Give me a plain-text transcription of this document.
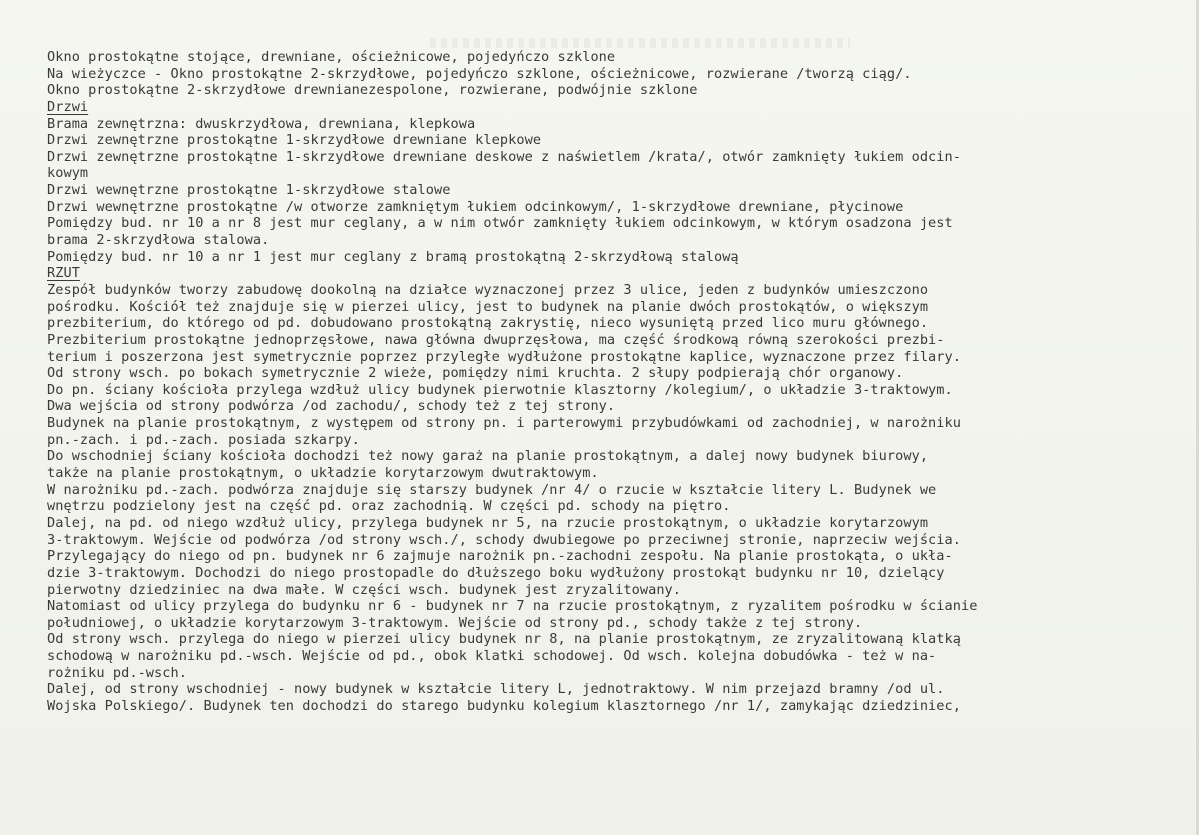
Okno prostokątne stojące, drewniane, ościeżnicowe, pojedyńczo szklone
Na wieżyczce - Okno prostokątne 2-skrzydłowe, pojedyńczo szklone, ościeżnicowe, rozwierane /tworzą ciąg/.
Okno prostokątne 2-skrzydłowe drewnianezespolone, rozwierane, podwójnie szklone
Drzwi
Brama zewnętrzna: dwuskrzydłowa, drewniana, klepkowa
Drzwi zewnętrzne prostokątne 1-skrzydłowe drewniane klepkowe
Drzwi zewnętrzne prostokątne 1-skrzydłowe drewniane deskowe z naświetlem /krata/, otwór zamknięty łukiem odcin-
kowym
Drzwi wewnętrzne prostokątne 1-skrzydłowe stalowe
Drzwi wewnętrzne prostokątne /w otworze zamkniętym łukiem odcinkowym/, 1-skrzydłowe drewniane, płycinowe
Pomiędzy bud. nr 10 a nr 8 jest mur ceglany, a w nim otwór zamknięty łukiem odcinkowym, w którym osadzona jest
brama 2-skrzydłowa stalowa.
Pomiędzy bud. nr 10 a nr 1 jest mur ceglany z bramą prostokątną 2-skrzydłową stalową
RZUT
Zespół budynków tworzy zabudowę dookolną na działce wyznaczonej przez 3 ulice, jeden z budynków umieszczono
pośrodku. Kościół też znajduje się w pierzei ulicy, jest to budynek na planie dwóch prostokątów, o większym
prezbiterium, do którego od pd. dobudowano prostokątną zakrystię, nieco wysuniętą przed lico muru głównego.
Prezbiterium prostokątne jednoprzęsłowe, nawa główna dwuprzęsłowa, ma część środkową równą szerokości prezbi-
terium i poszerzona jest symetrycznie poprzez przyległe wydłużone prostokątne kaplice, wyznaczone przez filary.
Od strony wsch. po bokach symetrycznie 2 wieże, pomiędzy nimi kruchta. 2 słupy podpierają chór organowy.
Do pn. ściany kościoła przylega wzdłuż ulicy budynek pierwotnie klasztorny /kolegium/, o układzie 3-traktowym.
Dwa wejścia od strony podwórza /od zachodu/, schody też z tej strony.
Budynek na planie prostokątnym, z występem od strony pn. i parterowymi przybudówkami od zachodniej, w narożniku
pn.-zach. i pd.-zach. posiada szkarpy.
Do wschodniej ściany kościoła dochodzi też nowy garaż na planie prostokątnym, a dalej nowy budynek biurowy,
także na planie prostokątnym, o układzie korytarzowym dwutraktowym.
W narożniku pd.-zach. podwórza znajduje się starszy budynek /nr 4/ o rzucie w kształcie litery L. Budynek we
wnętrzu podzielony jest na część pd. oraz zachodnią. W części pd. schody na piętro.
Dalej, na pd. od niego wzdłuż ulicy, przylega budynek nr 5, na rzucie prostokątnym, o układzie korytarzowym
3-traktowym. Wejście od podwórza /od strony wsch./, schody dwubiegowe po przeciwnej stronie, naprzeciw wejścia.
Przylegający do niego od pn. budynek nr 6 zajmuje narożnik pn.-zachodni zespołu. Na planie prostokąta, o ukła-
dzie 3-traktowym. Dochodzi do niego prostopadle do dłuższego boku wydłużony prostokąt budynku nr 10, dzielący
pierwotny dziedziniec na dwa małe. W części wsch. budynek jest zryzalitowany.
Natomiast od ulicy przylega do budynku nr 6 - budynek nr 7 na rzucie prostokątnym, z ryzalitem pośrodku w ścianie
południowej, o układzie korytarzowym 3-traktowym. Wejście od strony pd., schody także z tej strony.
Od strony wsch. przylega do niego w pierzei ulicy budynek nr 8, na planie prostokątnym, ze zryzalitowaną klatką
schodową w narożniku pd.-wsch. Wejście od pd., obok klatki schodowej. Od wsch. kolejna dobudówka - też w na-
rożniku pd.-wsch.
Dalej, od strony wschodniej - nowy budynek w kształcie litery L, jednotraktowy. W nim przejazd bramny /od ul.
Wojska Polskiego/. Budynek ten dochodzi do starego budynku kolegium klasztornego /nr 1/, zamykając dziedziniec,
